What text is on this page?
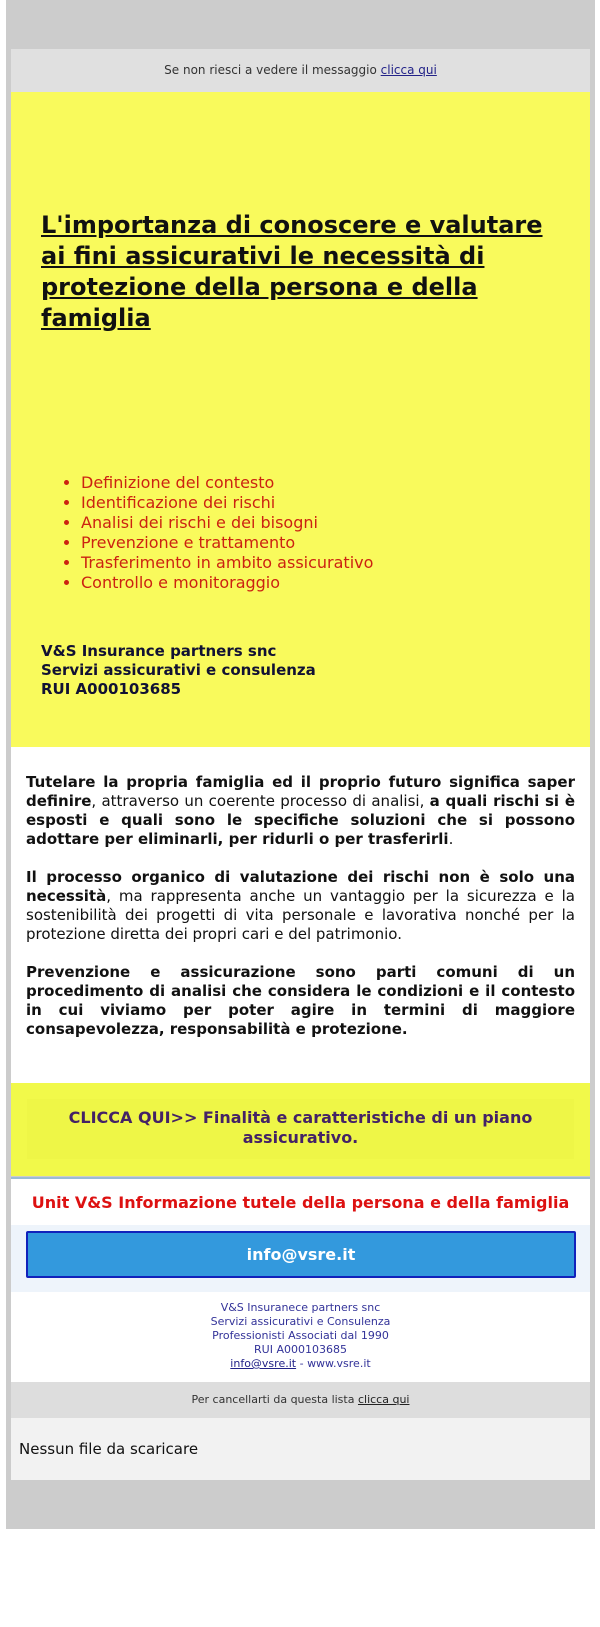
Se non riesci a vedere il messaggio clicca qui
L'importanza di conoscere e valutare ai fini assicurativi le necessità di protezione della persona e della famiglia
• Definizione del contesto
• Identificazione dei rischi
• Analisi dei rischi e dei bisogni
• Prevenzione e trattamento
• Trasferimento in ambito assicurativo
• Controllo e monitoraggio
V&S Insurance partners snc
Servizi assicurativi e consulenza
RUI A000103685

Tutelare la propria famiglia ed il proprio futuro significa saper definire, attraverso un coerente processo di analisi, a quali rischi si è esposti e quali sono le specifiche soluzioni che si possono adottare per eliminarli, per ridurli o per trasferirli.

Il processo organico di valutazione dei rischi non è solo una necessità, ma rappresenta anche un vantaggio per la sicurezza e la sostenibilità dei progetti di vita personale e lavorativa nonché per la protezione diretta dei propri cari e del patrimonio.

Prevenzione e assicurazione sono parti comuni di un procedimento di analisi che considera le condizioni e il contesto in cui viviamo per poter agire in termini di maggiore consapevolezza, responsabilità e protezione.

CLICCA QUI>> Finalità e caratteristiche di un piano assicurativo.
Unit V&S Informazione tutele della persona e della famiglia
info@vsre.it
V&S Insuranece partners snc
Servizi assicurativi e Consulenza
Professionisti Associati dal 1990
RUI A000103685
info@vsre.it - www.vsre.it
Per cancellarti da questa lista clicca qui
Nessun file da scaricare
